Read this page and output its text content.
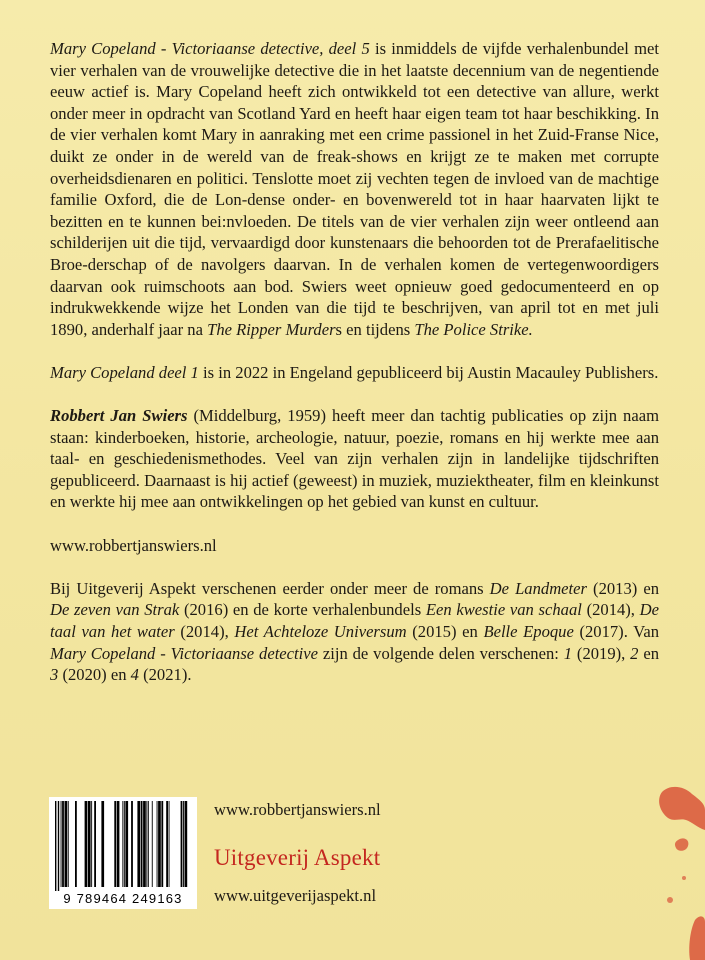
Mary Copeland - Victoriaanse detective, deel 5 is inmiddels de vijfde verhalenbundel met vier verhalen van de vrouwelijke detective die in het laatste decennium van de negentiende eeuw actief is. Mary Copeland heeft zich ontwikkeld tot een detective van allure, werkt onder meer in opdracht van Scotland Yard en heeft haar eigen team tot haar beschikking. In de vier verhalen komt Mary in aanraking met een crime passionel in het Zuid-Franse Nice, duikt ze onder in de wereld van de freak-shows en krijgt ze te maken met corrupte overheidsdienaren en politici. Tenslotte moet zij vechten tegen de invloed van de machtige familie Oxford, die de Lon-dense onder- en bovenwereld tot in haar haarvaten lijkt te bezitten en te kunnen bei:nvloeden. De titels van de vier verhalen zijn weer ontleend aan schilderijen uit die tijd, vervaardigd door kunstenaars die behoorden tot de Prerafaelitische Broe-derschap of de navolgers daarvan. In de verhalen komen de vertegenwoordigers daarvan ook ruimschoots aan bod. Swiers weet opnieuw goed gedocumenteerd en op indrukwekkende wijze het Londen van die tijd te beschrijven, van april tot en met juli 1890, anderhalf jaar na The Ripper Murders en tijdens The Police Strike.

Mary Copeland deel 1 is in 2022 in Engeland gepubliceerd bij Austin Macauley Publishers.

Robbert Jan Swiers (Middelburg, 1959) heeft meer dan tachtig publicaties op zijn naam staan: kinderboeken, historie, archeologie, natuur, poezie, romans en hij werkte mee aan taal- en geschiedenismethodes. Veel van zijn verhalen zijn in landelijke tijdschriften gepubliceerd. Daarnaast is hij actief (geweest) in muziek, muziektheater, film en kleinkunst en werkte hij mee aan ontwikkelingen op het gebied van kunst en cultuur.

www.robbertjanswiers.nl

Bij Uitgeverij Aspekt verschenen eerder onder meer de romans De Landmeter (2013) en De zeven van Strak (2016) en de korte verhalenbundels Een kwestie van schaal (2014), De taal van het water (2014), Het Achteloze Universum (2015) en Belle Epoque (2017). Van Mary Copeland - Victoriaanse detective zijn de volgende delen verschenen: 1 (2019), 2 en 3 (2020) en 4 (2021).

9 789464 249163
www.robbertjanswiers.nl
Uitgeverij Aspekt
www.uitgeverijaspekt.nl
